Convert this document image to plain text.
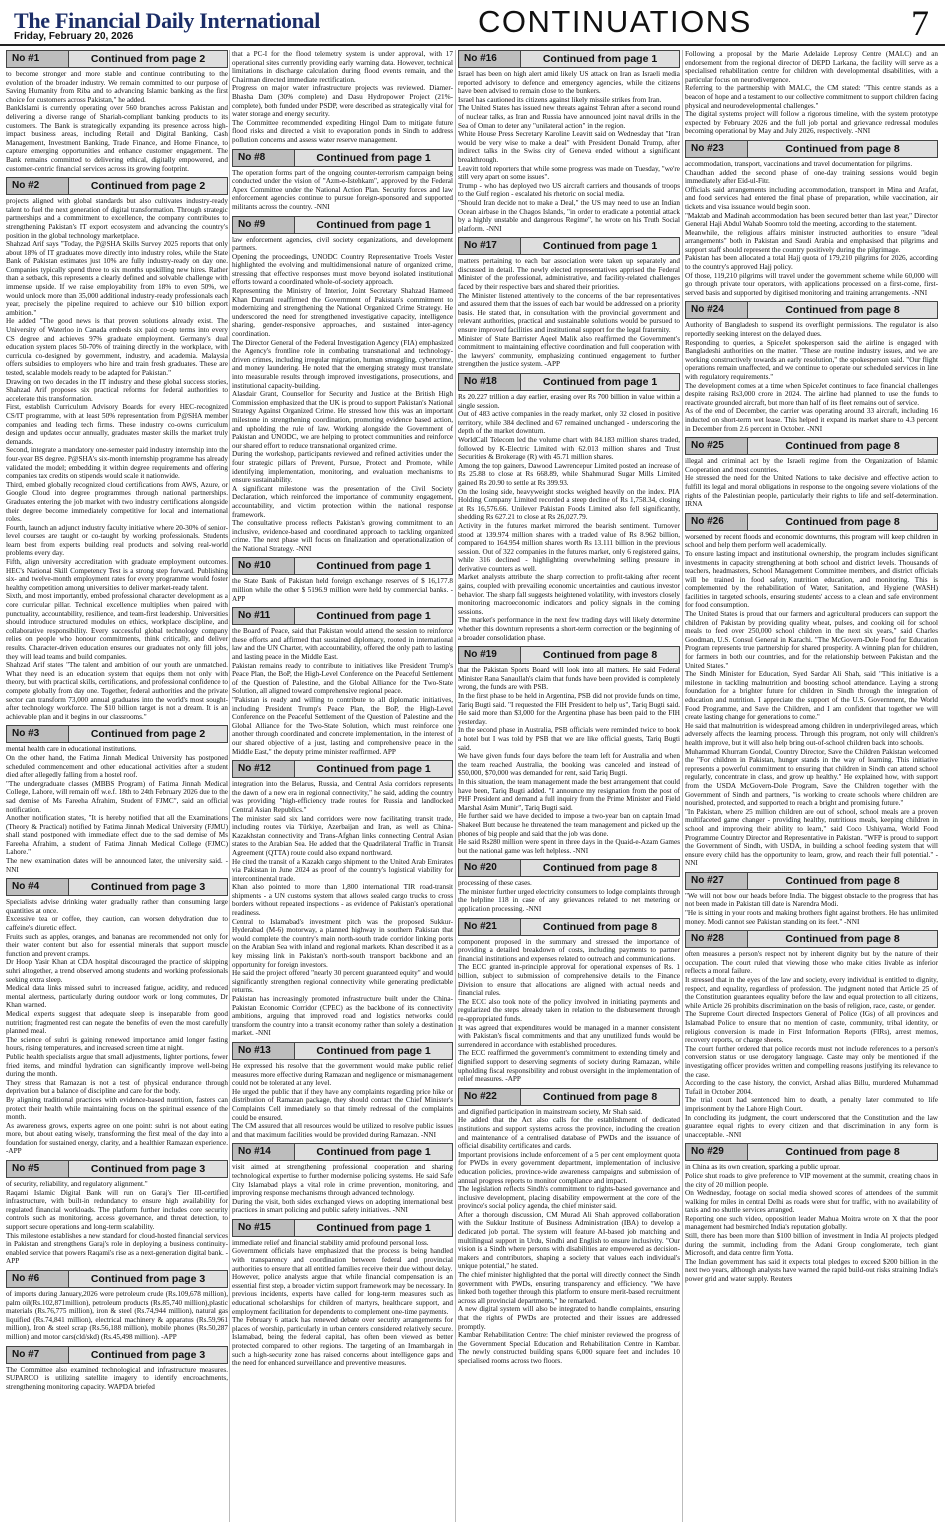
The Financial Daily International
Friday, February 20, 2026	CONTINUATIONS	7
No #1	Continued from page 2
to become stronger and more stable and continue contributing to the evolution of the broader industry. We remain committed to our purpose of Saving Humanity from Riba and to advancing Islamic banking as the first choice for customers across Pakistan," he added.
BankIslami is currently operating over 560 branches across Pakistan and delivering a diverse range of Shariah-compliant banking products to its customers. The Bank is strategically expanding its presence across high-impact business areas, including Retail and Digital Banking, Cash Management, Investment Banking, Trade Finance, and Home Finance, to capture emerging opportunities and enhance customer engagement. The Bank remains committed to delivering ethical, digitally empowered, and customer-centric financial services across its growing footprint.
No #2	Continued from page 2
projects aligned with global standards but also cultivates industry-ready talent to fuel the next generation of digital transformation. Through strategic partnerships and a commitment to excellence, the company contributes to strengthening Pakistan's IT export ecosystem and advancing the country's position in the global technology marketplace.
Shahzad Arif says "Today, the P@SHA Skills Survey 2025 reports that only about 18% of IT graduates move directly into industry roles, while the State Bank of Pakistan estimates just 10% are fully industry-ready on day one. Companies typically spend three to six months upskilling new hires. Rather than a setback, this represents a clearly defined and solvable challenge with immense upside. If we raise employability from 18% to even 50%, we would unlock more than 35,000 additional industry-ready professionals each year, precisely the pipeline required to achieve our $10 billion export ambition."
He added "The good news is that proven solutions already exist. The University of Waterloo in Canada embeds six paid co-op terms into every CS degree and achieves 97% graduate employment. Germany's dual education system places 50-70% of training directly in the workplace, with curricula co-designed by government, industry, and academia. Malaysia offers subsidies to employers who hire and train fresh graduates. These are tested, scalable models ready to be adapted for Pakistan."
Drawing on two decades in the IT industry and these global success stories, Shahzad Arif proposes six practical reforms for federal authorities to accelerate this transformation.
First, establish Curriculum Advisory Boards for every HEC-recognized CS/IT programme, with at least 50% representation from P@SHA member companies and leading tech firms. These industry co-owns curriculum design and updates occur annually, graduates master skills the market truly demands.
Second, integrate a mandatory one-semester paid industry internship into the four-year BS degree. P@SHA's six-month internship programme has already validated the model; embedding it within degree requirements and offering companies tax credits on stipends would scale it nationwide.
Third, embed globally recognized cloud certifications from AWS, Azure, or Google Cloud into degree programmes through national partnerships. Graduates entering the job market with two industry certifications alongside their degree become immediately competitive for local and international roles.
Fourth, launch an adjunct industry faculty initiative where 20-30% of senior-level courses are taught or co-taught by working professionals. Students learn best from experts building real products and solving real-world problems every day.
Fifth, align university accreditation with graduate employment outcomes. HEC's National Skill Competency Test is a strong step forward. Publishing six- and twelve-month employment rates for every programme would foster healthy competition among universities to deliver market-ready talent.
Sixth, and most importantly, embed professional character development as a core curricular pillar. Technical excellence multiplies when paired with punctuality, accountability, resilience, and team-first leadership. Universities should introduce structured modules on ethics, workplace discipline, and collaborative responsibility. Every successful global technology company relies on people who honour commitments, think critically, and deliver results. Character-driven education ensures our graduates not only fill jobs, they will lead teams and build companies.
Shahzad Arif states "The talent and ambition of our youth are unmatched. What they need is an education system that equips them not only with theory, but with practical skills, certifications, and professional confidence to compete globally from day one. Together, federal authorities and the private sector can transform 73,000 annual graduates into the world's most sought-after technology workforce. The $10 billion target is not a dream. It is an achievable plan and it begins in our classrooms."
No #3	Continued from page 2
mental health care in educational institutions.
On the other hand, the Fatima Jinnah Medical University has postponed scheduled commencement and other educational activities after a student died after allegedly falling from a hostel roof.
"The undergraduate classes (MBBS Program) of Fatima Jinnah Medical College, Lahore, will remain off w.e.f. 18th to 24th February 2026 due to the sad demise of Ms Fareeha Afrahim, Student of FJMC", said an official notification.
Another notification states, "It is hereby notified that all the Examinations (Theory & Practical) notified by Fatima Jinnah Medical University (FJMU) shall stand postponed with immediate effect due to the sad demise of Ms Fareeha Afrahim, a student of Fatima Jinnah Medical College (FJMC) Lahore."
The new examination dates will be announced later, the university said. -NNI
No #4	Continued from page 3
Specialists advise drinking water gradually rather than consuming large quantities at once.
Excessive tea or coffee, they caution, can worsen dehydration due to caffeine's diuretic effect.
Fruits such as apples, oranges, and bananas are recommended not only for their water content but also for essential minerals that support muscle function and prevent cramps.
Dr Hoop Yasir Khan at CDA hospital discouraged the practice of skipping suhri altogether, a trend observed among students and working professionals seeking extra sleep.
Medical data links missed suhri to increased fatigue, acidity, and reduced mental alertness, particularly during outdoor work or long commutes, Dr Khan warned.
Medical experts suggest that adequate sleep is inseparable from good nutrition; fragmented rest can negate the benefits of even the most carefully planned meal.
The science of suhri is gaining renewed importance amid longer fasting hours, rising temperatures, and increased screen time at night.
Public health specialists argue that small adjustments, lighter portions, fewer fried items, and mindful hydration can significantly improve well-being during the month.
They stress that Ramazan is not a test of physical endurance through deprivation but a balance of discipline and care for the body.
By aligning traditional practices with evidence-based nutrition, fasters can protect their health while maintaining focus on the spiritual essence of the month.
As awareness grows, experts agree on one point: suhri is not about eating more, but about eating wisely, transforming the first meal of the day into a foundation for sustained energy, clarity, and a healthier Ramazan experience. -APP
No #5	Continued from page 3
of security, reliability, and regulatory alignment."
Raqami Islamic Digital Bank will run on Garaj's Tier III-certified infrastructure, with built-in redundancy to ensure high availability for regulated financial workloads. The platform further includes core security controls such as monitoring, access governance, and threat detection, to support secure operations and long-term scalability.
This milestone establishes a new standard for cloud-hosted financial services in Pakistan and strengthens Garaj's role in deploying a business continuity-enabled service that powers Raqami's rise as a next-generation digital bank. -APP
No #6	Continued from page 3
of imports during January,2026 were petroleum crude (Rs.109,678 million), palm oil(Rs.102,871million), petroleum products (Rs.85,740 million),plastic materials (Rs.76,775 million), iron & steel (Rs.74,944 million), natural gas liquified (Rs.74,841 million), electrical machinery & apparatus (Rs.59,961 million), Iron & steel scrap (Rs.56,188 million), mobile phones (Rs.50,287 million) and motor cars(cld/skd) (Rs.45,498 million). -APP
No #7	Continued from page 3
The Committee also examined technological and infrastructure measures. SUPARCO is utilizing satellite imagery to identify encroachments, strengthening monitoring capacity. WAPDA briefed
that a PC-I for the flood telemetry system is under approval, with 17 operational sites currently providing early warning data. However, technical limitations in discharge calculation during flood events remain, and the Chairman directed immediate rectification.
Progress on major water infrastructure projects was reviewed. Diamer-Bhasha Dam (30% complete) and Dasu Hydropower Project (21%-complete), both funded under PSDP, were described as strategically vital for water storage and energy security.
The Committee recommended expediting Hingol Dam to mitigate future flood risks and directed a visit to evaporation ponds in Sindh to address pollution concerns and assess water reserve management.
No #8	Continued from page 1
The operation forms part of the ongoing counter-terrorism campaign being conducted under the vision of "Azm-e-Istehkam", approved by the Federal Apex Committee under the National Action Plan. Security forces and law enforcement agencies continue to pursue foreign-sponsored and supported militants across the country. -NNI
No #9	Continued from page 1
law enforcement agencies, civil society organizations, and development partners.
Opening the proceedings, UNODC Country Representative Troels Vester highlighted the evolving and multidimensional nature of organized crime, stressing that effective responses must move beyond isolated institutional efforts toward a coordinated whole-of-society approach.
Representing the Ministry of Interior, Joint Secretary Shahzad Hameed Khan Durrani reaffirmed the Government of Pakistan's commitment to modernizing and strengthening the National Organized Crime Strategy. He underscored the need for strengthened investigative capacity, intelligence sharing, gender-responsive approaches, and sustained inter-agency coordination.
The Director General of the Federal Investigation Agency (FIA) emphasized the Agency's frontline role in combating transnational and technology-driven crimes, including irregular migration, human smuggling, cybercrime, and money laundering. He noted that the emerging strategy must translate into measurable results through improved investigations, prosecutions, and institutional capacity-building.
Alasdair Grant, Counsellor for Security and Justice at the British High Commission emphasized that the UK is proud to support Pakistan's National Strategy Against Organized Crime. He stressed how this was an important milestone in strengthening coordination, promoting evidence based action, and upholding the rule of law. Working alongside the Government of Pakistan and UNODC, we are helping to protect communities and reinforce our shared effort to reduce transnational organized crime.
During the workshop, participants reviewed and refined activities under the four strategic pillars of Prevent, Pursue, Protect and Promote, while identifying implementation, monitoring, and evaluation mechanisms to ensure sustainability.
A significant milestone was the presentation of the Civil Society Declaration, which reinforced the importance of community engagement, accountability, and victim protection within the national response framework.
The consultative process reflects Pakistan's growing commitment to an inclusive, evidence-based and coordinated approach to tackling organized crime. The next phase will focus on finalization and operationalization of the National Strategy. -NNI
No #10	Continued from page 1
the State Bank of Pakistan held foreign exchange reserves of $ 16,177.8 million while the other $ 5196.9 million were held by commercial banks. -APP
No #11	Continued from page 1
the Board of Peace, said that Pakistan would attend the session to reinforce these efforts and affirmed that sustained diplomacy, rooted in international law and the UN Charter, with accountability, offered the only path to lasting and lasting peace in the Middle East.
Pakistan remains ready to contribute to initiatives like President Trump's Peace Plan, the BoP, the High-Level Conference on the Peaceful Settlement of the Question of Palestine, and the Global Alliance for the Two-State Solution, all aligned toward comprehensive regional peace.
"Pakistan is ready and willing to contribute to all diplomatic initiatives, including President Trump's Peace Plan, the BoP, the High-Level Conference on the Peaceful Settlement of the Question of Palestine and the Global Alliance for the Two-State Solution, which must reinforce one another through coordinated and concrete implementation, in the interest of our shared objective of a just, lasting and comprehensive peace in the Middle East," the deputy prime minister reaffirmed. APP
No #12	Continued from page 1
integration into the Belarus, Russia, and Central Asia corridors represents the dawn of a new era in regional connectivity," he said, adding the country was providing "high-efficiency trade routes for Russia and landlocked Central Asian Republics."
The minister said six land corridors were now facilitating transit trade, including routes via Türkiye, Azerbaijan and Iran, as well as China-Kazakhstan connectivity and Trans-Afghan links connecting Central Asian states to the Arabian Sea. He added that the Quadrilateral Traffic in Transit Agreement (QTTA) route could also expand northward.
He cited the transit of a Kazakh cargo shipment to the United Arab Emirates via Pakistan in June 2024 as proof of the country's logistical viability for intercontinental trade.
Khan also pointed to more than 1,800 international TIR road-transit shipments - a UN customs system that allows sealed cargo trucks to cross borders without repeated inspections - as evidence of Pakistan's operational readiness.
Central to Islamabad's investment pitch was the proposed Sukkur-Hyderabad (M-6) motorway, a planned highway in southern Pakistan that would complete the country's main north-south trade corridor linking ports on the Arabian Sea with inland and regional markets. Khan described it as a key missing link in Pakistan's north-south transport backbone and an opportunity for foreign investors.
He said the project offered "nearly 30 percent guaranteed equity" and would significantly strengthen regional connectivity while generating predictable returns.
Pakistan has increasingly promoted infrastructure built under the China-Pakistan Economic Corridor (CPEC) as the backbone of its connectivity ambitions, arguing that improved road and logistics networks could transform the country into a transit economy rather than solely a destination market. -NNI
No #13	Continued from page 1
He expressed his resolve that the government would make public relief measures more effective during Ramazan and negligence or mismanagement could not be tolerated at any level.
He urged the public that if they have any complaints regarding price hike or distribution of Ramazan package, they should contact the Chief Minister's Complaints Cell immediately so that timely redressal of the complaints could be ensured.
The CM assured that all resources would be utilized to resolve public issues and that maximum facilities would be provided during Ramazan. -NNI
No #14	Continued from page 1
visit aimed at strengthening professional cooperation and sharing technological expertise to further modernise policing systems. He said Safe City Islamabad plays a vital role in crime prevention, monitoring, and improving response mechanisms through advanced technology.
During the visit, both sides exchanged views on adopting international best practices in smart policing and public safety initiatives. -NNI
No #15	Continued from page 1
immediate relief and financial stability amid profound personal loss.
Government officials have emphasized that the process is being handled with transparency and coordination between federal and provincial authorities to ensure that all entitled families receive their due without delay.
However, police analysts argue that while financial compensation is an essential first step, a broader victim support framework may be necessary. In previous incidents, experts have called for long-term measures such as educational scholarships for children of martyrs, healthcare support, and employment facilitation for dependents to complement one-time payments.
The February 6 attack has renewed debate over security arrangements for places of worship, particularly in urban centers considered relatively secure. Islamabad, being the federal capital, has often been viewed as better protected compared to other regions. The targeting of an Imambargah in such a high-security zone has raised concerns about intelligence gaps and the need for enhanced surveillance and preventive measures.
No #16	Continued from page 1
Israel has been on high alert amid likely US attack on Iran as Israeli media reported advisory to defence and emergency agencies, while the citizens have been advised to remain close to the bunkers.
Israel has cautioned its citizens against likely missile strikes from Iran.
The United States has issued new threats against Tehran after a second round of nuclear talks, as Iran and Russia have announced joint naval drills in the Sea of Oman to deter any "unilateral action" in the region.
White House Press Secretary Karoline Leavitt said on Wednesday that "Iran would be very wise to make a deal" with President Donald Trump, after indirect talks in the Swiss city of Geneva ended without a significant breakthrough.
Leavitt told reporters that while some progress was made on Tuesday, "we're still very apart on some issues".
Trump - who has deployed two US aircraft carriers and thousands of troops to the Gulf region - escalated his rhetoric on social media.
"Should Iran decide not to make a Deal," the US may need to use an Indian Ocean airbase in the Chagos Islands, "in order to eradicate a potential attack by a highly unstable and dangerous Regime", he wrote on his Truth Social platform. -NNI
No #17	Continued from page 1
matters pertaining to each bar association were taken up separately and discussed in detail. The newly elected representatives apprised the Federal Minister of the professional, administrative, and facility-related challenges faced by their respective bars and shared their priorities.
The Minister listened attentively to the concerns of the bar representatives and assured them that the issues of each bar would be addressed on a priority basis. He stated that, in consultation with the provincial government and relevant authorities, practical and sustainable solutions would be pursued to ensure improved facilities and institutional support for the legal fraternity.
Minister of State Barrister Aqeel Malik also reaffirmed the Government's commitment to maintaining effective coordination and full cooperation with the lawyers' community, emphasizing continued engagement to further strengthen the justice system. -APP
No #18	Continued from page 1
Rs 20.227 trillion a day earlier, erasing over Rs 700 billion in value within a single session.
Out of 483 active companies in the ready market, only 32 closed in positive territory, while 384 declined and 67 remained unchanged - underscoring the depth of the market downturn.
WorldCall Telecom led the volume chart with 84.183 million shares traded, followed by K-Electric Limited with 62.013 million shares and Trust Securities & Brokerage (R) with 45.71 million shares.
Among the top gainers, Dawood Lawrencepur Limited posted an increase of Rs 25.88 to close at Rs 668.89, while Shahmurad Sugar Mills Limited gained Rs 20.90 to settle at Rs 399.93.
On the losing side, heavyweight stocks weighed heavily on the index. PIA Holding Company Limited recorded a steep decline of Rs 1,758.34, closing at Rs 16,576.66. Unilever Pakistan Foods Limited also fell significantly, shedding Rs 627.21 to close at Rs 26,027.79.
Activity in the futures market mirrored the bearish sentiment. Turnover stood at 139.974 million shares with a traded value of Rs 8.962 billion, compared to 164.954 million shares worth Rs 13.111 billion in the previous session. Out of 322 companies in the futures market, only 6 registered gains, while 316 declined - highlighting overwhelming selling pressure in derivative counters as well.
Market analysts attribute the sharp correction to profit-taking after recent gains, coupled with prevailing economic uncertainties and cautious investor behavior. The sharp fall suggests heightened volatility, with investors closely monitoring macroeconomic indicators and policy signals in the coming sessions.
The market's performance in the next few trading days will likely determine whether this downturn represents a short-term correction or the beginning of a broader consolidation phase.
No #19	Continued from page 8
that the Pakistan Sports Board will look into all matters. He said Federal Minister Rana Sanaullah's claim that funds have been provided is completely wrong, the funds are with PSB.
In the first phase to be held in Argentina, PSB did not provide funds on time, Tariq Bugti said. "I requested the FIH President to help us", Tariq Bugti said. He said more than $3,000 for the Argentina phase has been paid to the FIH yesterday.
In the second phase in Australia, PSB officials were reminded twice to book a hotel but I was told by PSB that we are like official guests, Tariq Bugti said.
We have given funds four days before the team left for Australia and when the team reached Australia, the booking was canceled and instead of $50,000, $70,000 was demanded for rent, said Tariq Bugti.
In this situation, the team management made the best arrangement that could have been, Tariq Bugti added. "I announce my resignation from the post of PHF President and demand a full inquiry from the Prime Minister and Field Marshal Asim Munir", Tariq Bugti said.
He further said we have decided to impose a two-year ban on captain Imad Shakeel Butt because he threatened the team management and picked up the phones of big people and said that the job was done.
He said Rs280 million were spent in three days in the Quaid-e-Azam Games but the national game was left helpless. -NNI
No #20	Continued from page 8
processing of these cases.
The minister further urged electricity consumers to lodge complaints through the helpline 118 in case of any grievances related to net metering or application processing. -NNI
No #21	Continued from page 8
component proposed in the summary and stressed the importance of providing a detailed breakdown of costs, including payments to partner financial institutions and expenses related to outreach and communications.
The ECC granted in-principle approval for operational expenses of Rs. 1 billion, subject to submission of comprehensive details to the Finance Division to ensure that allocations are aligned with actual needs and financial rules.
The ECC also took note of the policy involved in initiating payments and regularized the steps already taken in relation to the disbursement through re-appropriated funds.
It was agreed that expenditures would be managed in a manner consistent with Pakistan's fiscal commitments and that any unutilized funds would be surrendered in accordance with established procedures.
The ECC reaffirmed the government's commitment to extending timely and dignified support to deserving segments of society during Ramazan, while upholding fiscal responsibility and robust oversight in the implementation of relief measures. -APP
No #22	Continued from page 8
and dignified participation in mainstream society, Mr Shah said.
He added that the Act also calls for the establishment of dedicated institutions and support systems across the province, including the creation and maintenance of a centralised database of PWDs and the issuance of official disability certificates and cards.
Important provisions include enforcement of a 5 per cent employment quota for PWDs in every government department, implementation of inclusive education policies, province-wide awareness campaigns and submission of annual progress reports to monitor compliance and impact.
The legislation reflects Sindh's commitment to rights-based governance and inclusive development, placing disability empowerment at the core of the province's social policy agenda, the chief minister said.
After a thorough discussion, CM Murad Ali Shah approved collaboration with the Sukkur Institute of Business Administration (IBA) to develop a dedicated job portal. The system will feature AI-based job matching and multilingual support in Urdu, Sindhi and English to ensure inclusivity. "Our vision is a Sindh where persons with disabilities are empowered as decision-makers and contributors, shaping a society that values each individual's unique potential," he stated.
The chief minister highlighted that the portal will directly connect the Sindh government with PWDs, ensuring transparency and efficiency. "We have linked both together through this platform to ensure merit-based recruitment across all provincial departments," he remarked.
A new digital system will also be integrated to handle complaints, ensuring that the rights of PWDs are protected and their issues are addressed promptly.
Kambar Rehabilitation Centre: The chief minister reviewed the progress of the Government Special Education and Rehabilitation Centre in Kambar. The newly constructed building spans 6,000 square feet and includes 10 specialised rooms across two floors.
Following a proposal by the Marie Adelaide Leprosy Centre (MALC) and an endorsement from the regional director of DEPD Larkana, the facility will serve as a specialised rehabilitation centre for children with developmental disabilities, with a particular focus on neurodivergence.
Referring to the partnership with MALC, the CM stated: "This centre stands as a beacon of hope and a testament to our collective commitment to support children facing physical and neurodevelopmental challenges."
The digital systems project will follow a rigorous timeline, with the system prototype expected by February 2026 and the full job portal and grievance redressal modules becoming operational by May and July 2026, respectively. -NNI
No #23	Continued from page 8
accommodation, transport, vaccinations and travel documentation for pilgrims.
Chaudhan added the second phase of one-day training sessions would begin immediately after Eid-ul-Fitr.
Officials said arrangements including accommodation, transport in Mina and Arafat, and food services had entered the final phase of preparation, while vaccination, air tickets and visa issuance would begin soon.
"Maktab and Madinah accommodation has been secured better than last year," Director General Haji Abdul Wahab Soomro told the meeting, according to the statement.
Meanwhile, the religious affairs minister instructed authorities to ensure "ideal arrangements" both in Pakistan and Saudi Arabia and emphasised that pilgrims and support staff should represent the country positively during the pilgrimage.
Pakistan has been allocated a total Hajj quota of 179,210 pilgrims for 2026, according to the country's approved Hajj policy.
Of those, 119,210 pilgrims will travel under the government scheme while 60,000 will go through private tour operators, with applications processed on a first-come, first-served basis and supported by digitised monitoring and training arrangements. -NNI
No #24	Continued from page 8
Authority of Bangladesh to suspend its overflight permissions. The regulator is also reportedly seeking interest on the delayed dues.
Responding to queries, a SpiceJet spokesperson said the airline is engaged with Bangladeshi authorities on the matter. "These are routine industry issues, and we are working constructively towards an early resolution," the spokesperson said. "Our flight operations remain unaffected, and we continue to operate our scheduled services in line with regulatory requirements."
The development comes at a time when SpiceJet continues to face financial challenges despite raising Rs3,000 crore in 2024. The airline had planned to use the funds to reactivate grounded aircraft, but more than half of its fleet remains out of service.
As of the end of December, the carrier was operating around 33 aircraft, including 16 inducted on short-term wet lease. This helped it expand its market share to 4.3 percent in December from 2.6 percent in October. -NNI
No #25	Continued from page 8
illegal and criminal act by the Israeli regime from the Organization of Islamic Cooperation and most countries.
He stressed the need for the United Nations to take decisive and effective action to fulfill its legal and moral obligations in response to the ongoing severe violations of the rights of the Palestinian people, particularly their rights to life and self-determination. IRNA
No #26	Continued from page 8
worsened by recent floods and economic downturns, this program will keep children in school and help them perform well academically.
To ensure lasting impact and institutional ownership, the program includes significant investments in capacity strengthening at both school and district levels. Thousands of teachers, headmasters, School Management Committee members, and district officials will be trained in food safety, nutrition education, and monitoring. This is complemented by the rehabilitation of Water, Sanitation, and Hygiene (WASH) facilities in targeted schools, ensuring students' access to a clean and safe environment for food consumption.
The United States is proud that our farmers and agricultural producers can support the children of Pakistan by providing quality wheat, pulses, and cooking oil for school meals to feed over 250,000 school children in the next six years," said Charles Goodman, U.S. Consul General in Karachi. "The McGovern-Dole Food for Education Program represents true partnership for shared prosperity. A winning plan for children, for farmers in both our countries, and for the relationship between Pakistan and the United States."
The Sindh Minister for Education, Syed Sardar Ali Shah, said "This initiative is a milestone in tackling malnutrition and boosting school attendance. Laying a strong foundation for a brighter future for children in Sindh through the integration of education and nutrition. I appreciate the support of the U.S. Government, the World Food Programme, and Save the Children, and I am confident that together we will create lasting change for generations to come."
He said that malnutrition is widespread among children in underprivileged areas, which adversely affects the learning process. Through this program, not only will children's health improve, but it will also help bring out-of-school children back into schools.
Muhammad Khurram Gondal, Country Director, Save the Children Pakistan welcomed the "For children in Pakistan, hunger stands in the way of learning. This initiative represents a powerful commitment to ensuring that children in Sindh can attend school regularly, concentrate in class, and grow up healthy." He explained how, with support from the USDA McGovern-Dole Program, Save the Children together with the Government of Sindh and partners, "is working to create schools where children are nourished, protected, and supported to reach a bright and promising future."
"In Pakistan, where 25 million children are out of school, school meals are a proven multifaceted game changer - providing healthy, nutritious meals, keeping children in school and improving their ability to learn," said Coco Ushiyama, World Food Programme Country Director and Representative in Pakistan. "WFP is proud to support the Government of Sindh, with USDA, in building a school feeding system that will ensure every child has the opportunity to learn, grow, and reach their full potential." -NNI
No #27	Continued from page 8
"We will not bow our heads before India. The biggest obstacle to the progress that has not been made in Pakistan till date is Narendra Modi.
"He is sitting in your roots and making brothers fight against brothers. He has unlimited money. Modi cannot see Pakistan standing on its feet." -NNI
No #28	Continued from page 8
often measures a person's respect not by inherent dignity but by the nature of their occupation. The court ruled that viewing those who make cities livable as inferior reflects a moral failure.
It stressed that in the eyes of the law and society, every individual is entitled to dignity, respect, and equality, regardless of profession. The judgment noted that Article 25 of the Constitution guarantees equality before the law and equal protection to all citizens, while Article 26 prohibits discrimination on the basis of religion, race, caste, or gender.
The Supreme Court directed Inspectors General of Police (IGs) of all provinces and Islamabad Police to ensure that no mention of caste, community, tribal identity, or religious conversion is made in First Information Reports (FIRs), arrest memos, recovery reports, or charge sheets.
The court further ordered that police records must not include references to a person's conversion status or use derogatory language. Caste may only be mentioned if the investigating officer provides written and compelling reasons justifying its relevance to the case.
According to the case history, the convict, Arshad alias Billu, murdered Muhammad Tufail in October 2004.
The trial court had sentenced him to death, a penalty later commuted to life imprisonment by the Lahore High Court.
In concluding its judgment, the court underscored that the Constitution and the law guarantee equal rights to every citizen and that discrimination in any form is unacceptable. -NNI
No #29	Continued from page 8
in China as its own creation, sparking a public uproar.
Police shut roads to give preference to VIP movement at the summit, creating chaos in the city of 20 million people.
On Wednesday, footage on social media showed scores of attendees of the summit walking for miles in central Delhi as roads were shut for traffic, with no availability of taxis and no shuttle services arranged.
Reporting one such video, opposition leader Mahua Moitra wrote on X that the poor management had besmirched India's reputation globally.
Still, there has been more than $100 billion of investment in India AI projects pledged during the summit, including from the Adani Group conglomerate, tech giant Microsoft, and data centre firm Yotta.
The Indian government has said it expects total pledges to exceed $200 billion in the next two years, although analysts have warned the rapid build-out risks straining India's power grid and water supply. Reuters
